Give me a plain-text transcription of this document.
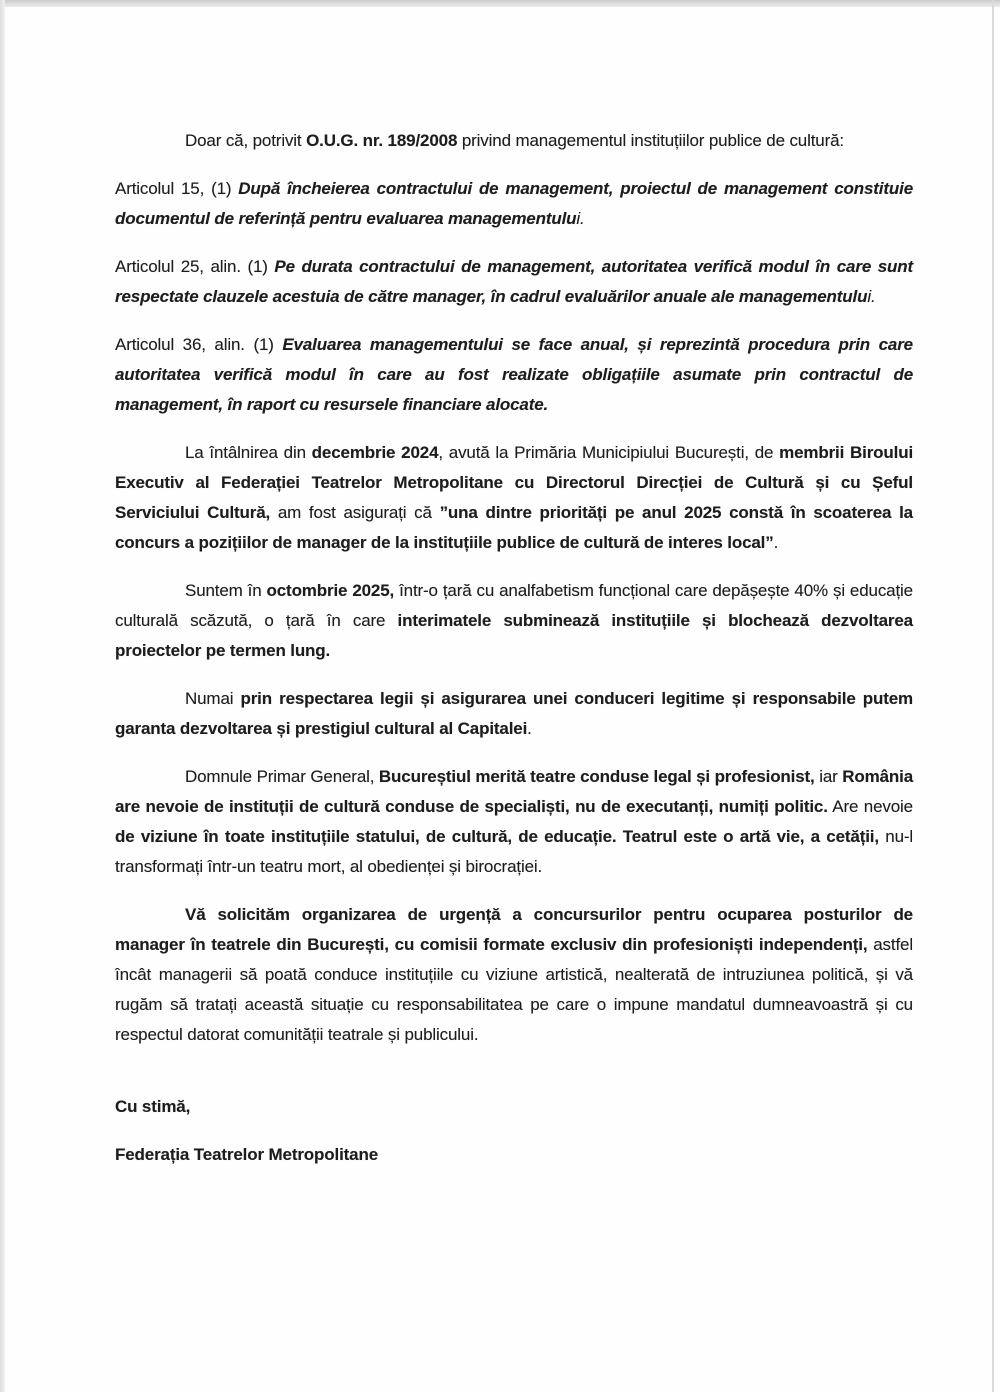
Doar că, potrivit O.U.G. nr. 189/2008 privind managementul instituțiilor publice de cultură:

Articolul 15, (1) După încheierea contractului de management, proiectul de management constituie documentul de referință pentru evaluarea managementului.

Articolul 25, alin. (1) Pe durata contractului de management, autoritatea verifică modul în care sunt respectate clauzele acestuia de către manager, în cadrul evaluărilor anuale ale managementului.

Articolul 36, alin. (1) Evaluarea managementului se face anual, și reprezintă procedura prin care autoritatea verifică modul în care au fost realizate obligațiile asumate prin contractul de management, în raport cu resursele financiare alocate.

La întâlnirea din decembrie 2024, avută la Primăria Municipiului București, de membrii Biroului Executiv al Federației Teatrelor Metropolitane cu Directorul Direcției de Cultură și cu Șeful Serviciului Cultură, am fost asigurați că ”una dintre priorități pe anul 2025 constă în scoaterea la concurs a pozițiilor de manager de la instituțiile publice de cultură de interes local”.

Suntem în octombrie 2025, într-o țară cu analfabetism funcțional care depășește 40% și educație culturală scăzută, o țară în care interimatele subminează instituțiile și blochează dezvoltarea proiectelor pe termen lung.

Numai prin respectarea legii și asigurarea unei conduceri legitime și responsabile putem garanta dezvoltarea și prestigiul cultural al Capitalei.

Domnule Primar General, Bucureștiul merită teatre conduse legal și profesionist, iar România are nevoie de instituții de cultură conduse de specialiști, nu de executanți, numiți politic. Are nevoie de viziune în toate instituțiile statului, de cultură, de educație. Teatrul este o artă vie, a cetății, nu-l transformați într-un teatru mort, al obedienței și birocrației.

Vă solicităm organizarea de urgență a concursurilor pentru ocuparea posturilor de manager în teatrele din București, cu comisii formate exclusiv din profesioniști independenți, astfel încât managerii să poată conduce instituțiile cu viziune artistică, nealterată de intruziunea politică, și vă rugăm să tratați această situație cu responsabilitatea pe care o impune mandatul dumneavoastră și cu respectul datorat comunității teatrale și publicului.

Cu stimă,

Federația Teatrelor Metropolitane
